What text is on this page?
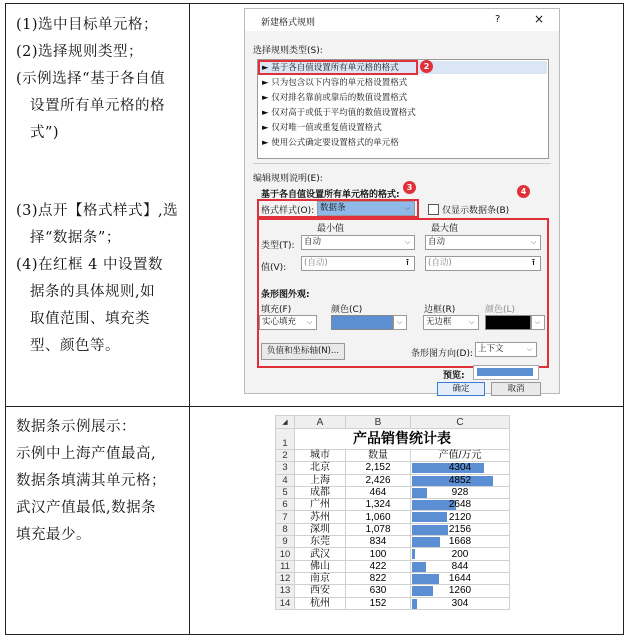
(1)选中目标单元格；

(2)选择规则类型；

(示例选择“基于各自值

设置所有单元格的格

式”)

(3)点开【格式样式】,选

择“数据条”；

(4)在红框 4 中设置数

据条的具体规则,如

取值范围、填充类

型、颜色等。

数据条示例展示：

示例中上海产值最高,

数据条填满其单元格；

武汉产值最低,数据条

填充最少。

新建格式规则	?	×
选择规则类型(S):
► 基于各自值设置所有单元格的格式
► 只为包含以下内容的单元格设置格式
► 仅对排名靠前或靠后的数值设置格式
► 仅对高于或低于平均值的数值设置格式
► 仅对唯一值或重复值设置格式
► 使用公式确定要设置格式的单元格
2
编辑规则说明(E):
基于各自值设置所有单元格的格式:
3
格式样式(O): 数据条	⌵	仅显示数据条(B)
4
最小值	最大值
类型(T):	自动	⌵	自动	⌵
值(V):	(自动)	⭱	(自动)	⭱
条形图外观:
填充(F)	颜色(C)	边框(R)	颜色(L)
实心填充	⌵	⌵	无边框	⌵	⌵
负值和坐标轴(N)...	条形图方向(D): 上下文	⌵
预览:
确定	取消
◢	A	B	C
1	产品销售统计表		
2	城市	数量	产值/万元
3	北京	2,152	4304
4	上海	2,426	4852
5	成都	464	928
6	广州	1,324	2648
7	苏州	1,060	2120
8	深圳	1,078	2156
9	东莞	834	1668
10	武汉	100	200
11	佛山	422	844
12	南京	822	1644
13	西安	630	1260
14	杭州	152	304
